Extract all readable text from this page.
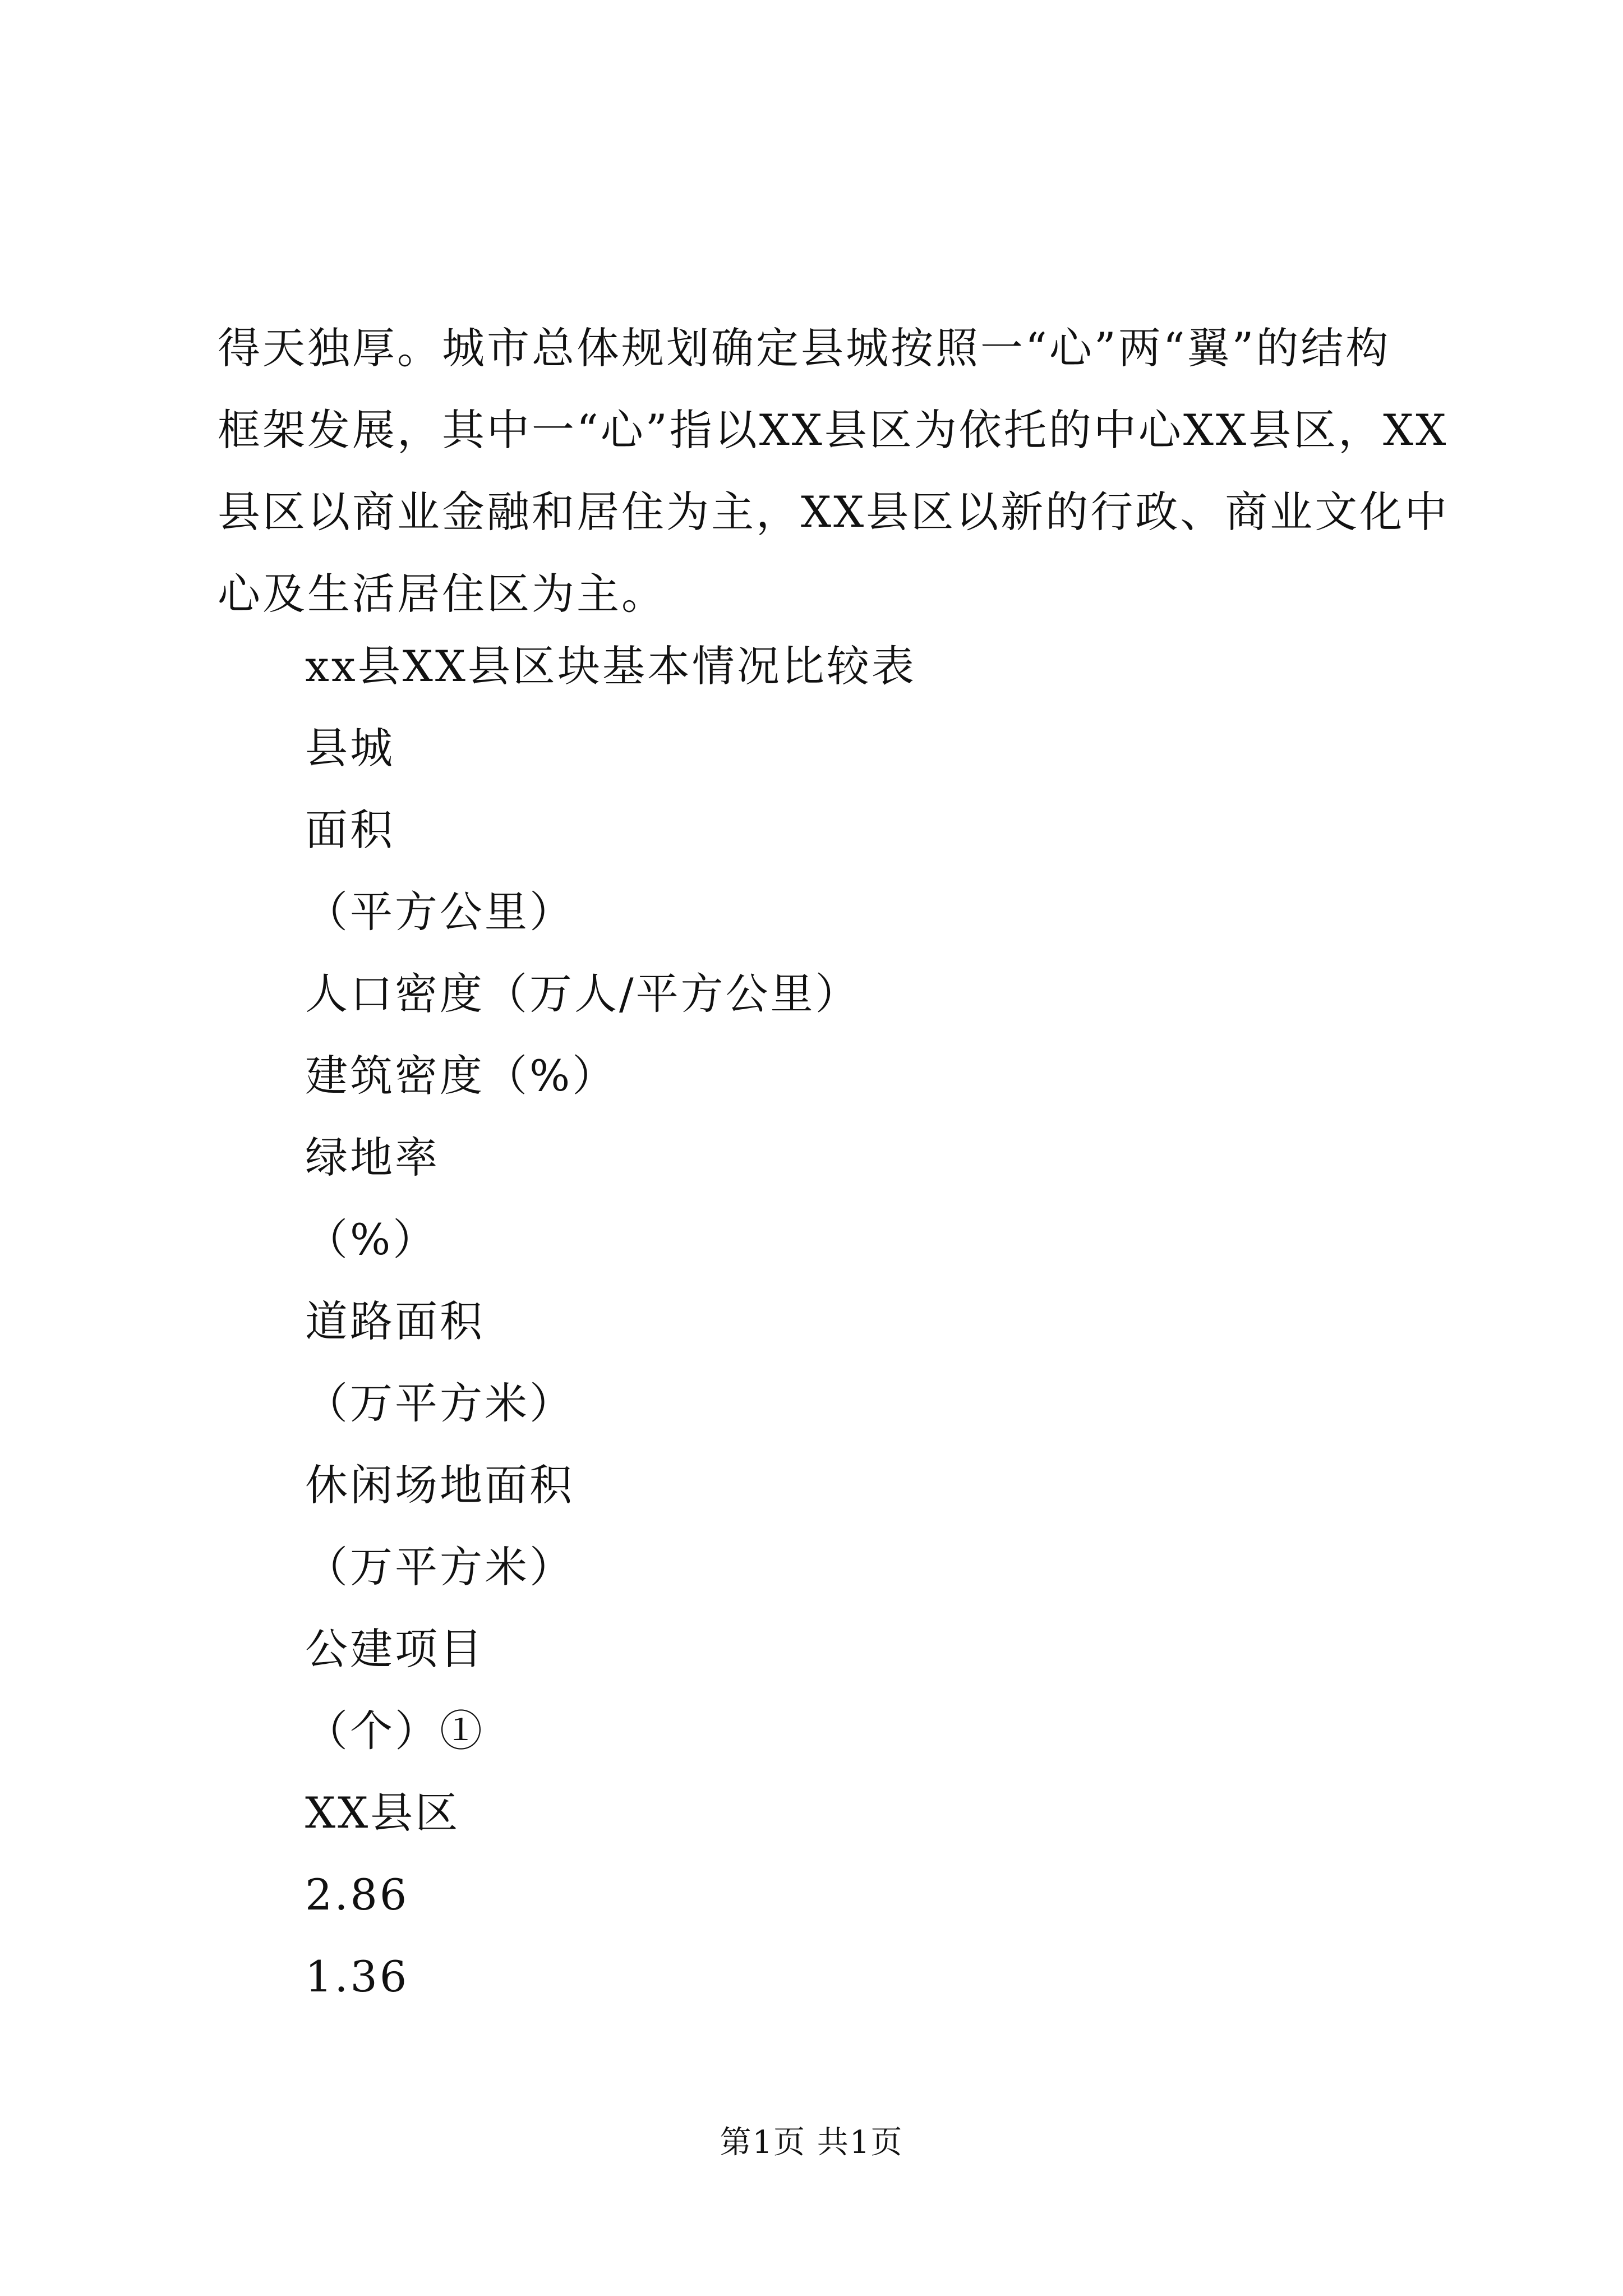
得天独厚。城市总体规划确定县城按照一“心”两“翼”的结构
框架发展，其中一“心”指以XX县区为依托的中心XX县区，XX
县区以商业金融和居住为主，XX县区以新的行政、商业文化中
心及生活居住区为主。

xx县XX县区块基本情况比较表
县城
面积
（平方公里）
人口密度（万人/平方公里）
建筑密度（%）
绿地率
（%）
道路面积
（万平方米）
休闲场地面积
（万平方米）
公建项目
（个）①
XX县区
2.86
1.36
第1页 共1页
